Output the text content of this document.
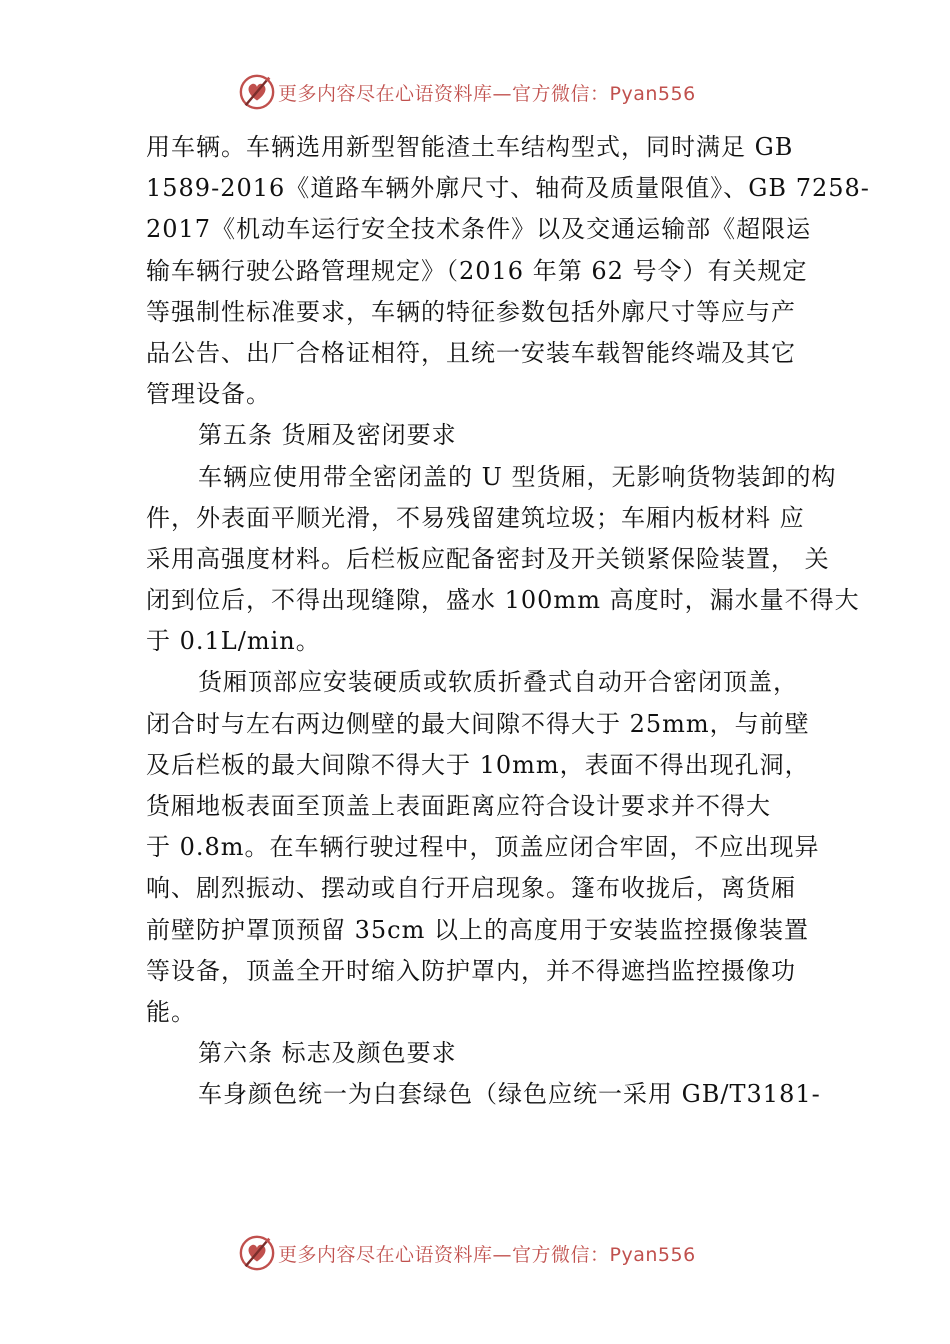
更多内容尽在心语资料库—官方微信：Pyan556
用车辆。车辆选用新型智能渣土车结构型式，同时满足 GB
1589-2016《道路车辆外廓尺寸、轴荷及质量限值》、GB 7258-
2017《机动车运行安全技术条件》以及交通运输部《超限运
输车辆行驶公路管理规定》（2016 年第 62 号令）有关规定
等强制性标准要求，车辆的特征参数包括外廓尺寸等应与产
品公告、出厂合格证相符，且统一安装车载智能终端及其它
管理设备。
第五条 货厢及密闭要求
车辆应使用带全密闭盖的 U 型货厢，无影响货物装卸的构
件，外表面平顺光滑，不易残留建筑垃圾；车厢内板材料 应
采用高强度材料。后栏板应配备密封及开关锁紧保险装置， 关
闭到位后，不得出现缝隙，盛水 100mm 高度时，漏水量不得大
于 0.1L/min。
货厢顶部应安装硬质或软质折叠式自动开合密闭顶盖，
闭合时与左右两边侧壁的最大间隙不得大于 25mm，与前壁
及后栏板的最大间隙不得大于 10mm，表面不得出现孔洞，
货厢地板表面至顶盖上表面距离应符合设计要求并不得大
于 0.8m。在车辆行驶过程中，顶盖应闭合牢固，不应出现异
响、剧烈振动、摆动或自行开启现象。篷布收拢后，离货厢
前壁防护罩顶预留 35cm 以上的高度用于安装监控摄像装置
等设备，顶盖全开时缩入防护罩内，并不得遮挡监控摄像功
能。
第六条 标志及颜色要求
车身颜色统一为白套绿色（绿色应统一采用 GB/T3181-
更多内容尽在心语资料库—官方微信：Pyan556
